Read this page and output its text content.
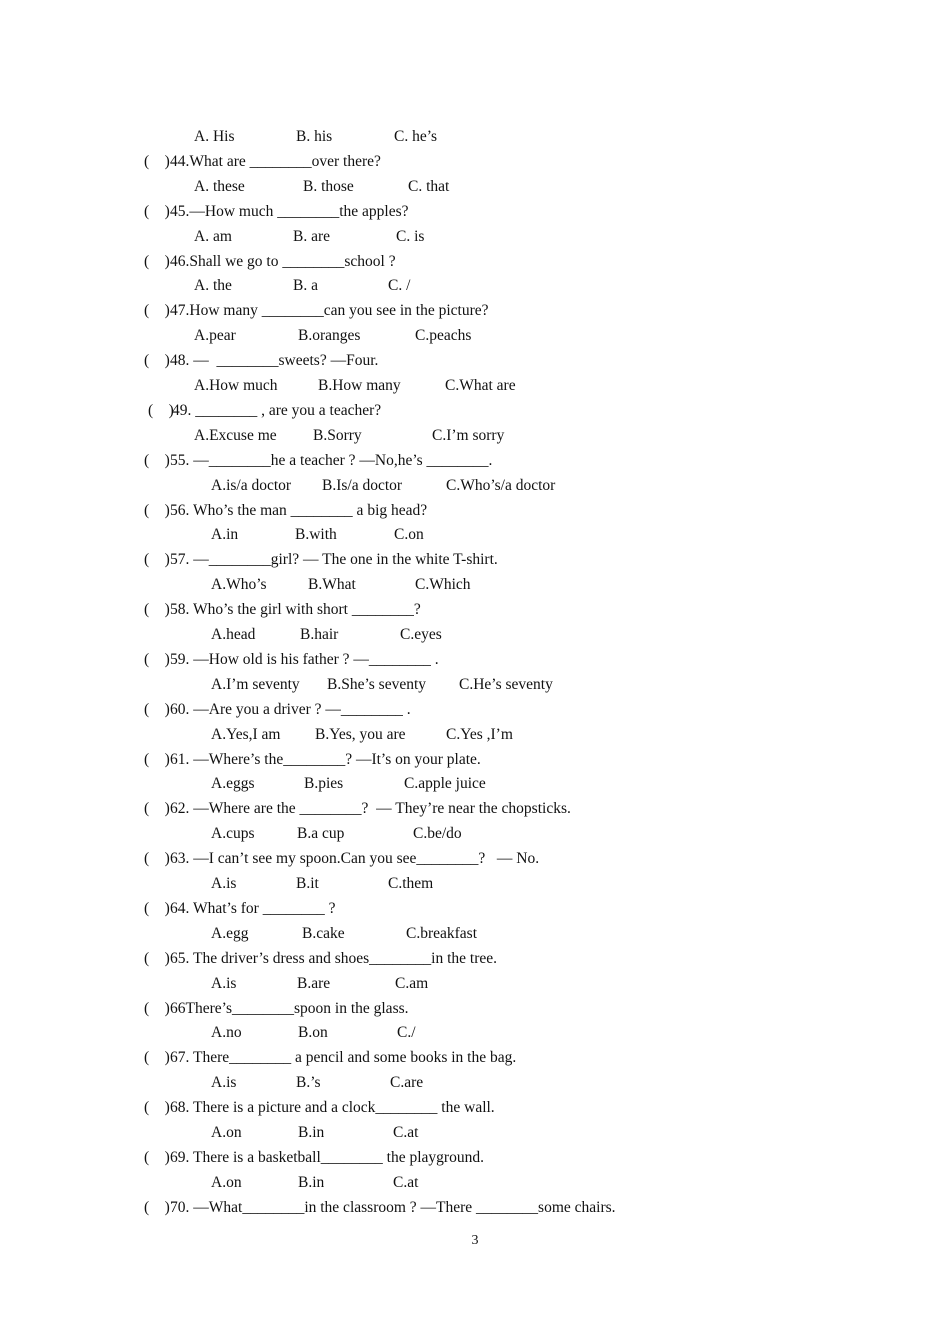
A. His	B. his	C. he’s
(    ) 44.What are ________over there?
A. these	B. those	C. that
(    ) 45.—How much ________the apples?
A. am	B. are	C. is
(    ) 46.Shall we go to ________school ?
A. the	B. a	C. /
(    ) 47.How many ________can you see in the picture?
A.pear	B.oranges	C.peachs
(    ) 48. —  ________sweets? —Four.
A.How much	B.How many	C.What are
(    )
49. ________ , are you a teacher?
A.Excuse me B.Sorry	C.I’m sorry
(    ) 55. —________he a teacher ? —No,he’s ________.
A.is/a doctor B.Is/a doctor	C.Who’s/a doctor
(    ) 56. Who’s the man ________ a big head?
A.in	B.with	C.on
(    ) 57. —________girl? — The one in the white T-shirt.
A.Who’s	B.What	C.Which
(    ) 58. Who’s the girl with short ________?
A.head	B.hair	C.eyes
(    ) 59. —How old is his father ? —________ .
A.I’m seventy B.She’s seventy C.He’s seventy
(    ) 60. —Are you a driver ? —________ .
A.Yes,I am B.Yes, you are	C.Yes ,I’m
(    ) 61. —Where’s the________? —It’s on your plate.
A.eggs	B.pies	C.apple juice
(    ) 62. —Where are the ________?  — They’re near the chopsticks.
A.cups	B.a cup	C.be/do
(    ) 63. —I can’t see my spoon.Can you see________?   — No.
A.is	B.it	C.them
(    ) 64. What’s for ________ ?
A.egg	B.cake	C.breakfast
(    ) 65. The driver’s dress and shoes________in the tree.
A.is	B.are	C.am
(    ) 66There’s________spoon in the glass.
A.no	B.on	C./
(    ) 67. There________ a pencil and some books in the bag.
A.is	B.’s	C.are
(    ) 68. There is a picture and a clock________ the wall.
A.on	B.in	C.at
(    ) 69. There is a basketball________ the playground.
A.on	B.in	C.at
(    ) 70. —What________in the classroom ? —There ________some chairs.
3
